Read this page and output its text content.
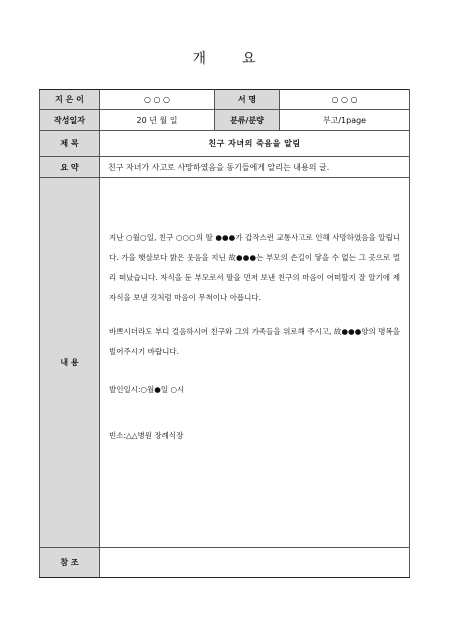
개 요
지 은 이	○ ○ ○	서 명	○ ○ ○
작성일자	20 년 월 일	분류/분량	부고/1page
제 목	친구 자녀의 죽음을 알림		
요 약	친구 자녀가 사고로 사망하였음을 동기들에게 알리는 내용의 글.		
내 용	지난 ○월○일, 친구 ○○○의 딸 ●●●가 갑작스런 교통사고로 인해 사망하였음을 알립니다. 가을 햇살보다 밝은 웃음을 지닌 故●●●는 부모의 손길이 닿을 수 없는 그 곳으로 멀리 떠났습니다. 자식을 둔 부모로서 딸을 먼저 보낸 친구의 마음이 어떠할지 잘 알기에 제 자식을 보낸 것처럼 마음이 무척이나 아픕니다.

바쁘시더라도 부디 걸음하시어 친구와 그의 가족들을 위로해 주시고, 故●●●양의 명복을 빌어주시기 바랍니다.

발인일시:○월●일 ○시

빈소:△△병원 장례식장		

참 조			
